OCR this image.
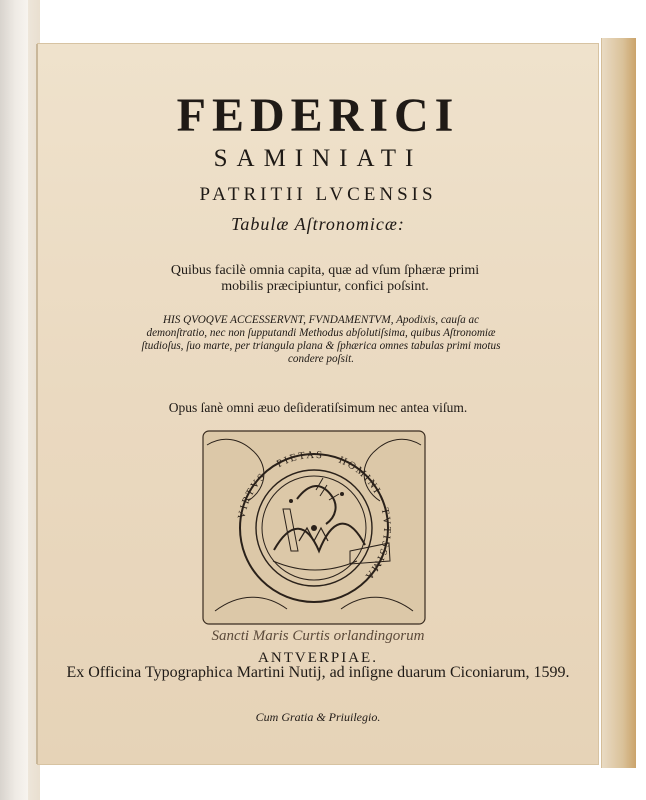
FEDERICI
SAMINIATI
PATRITII LVCENSIS
Tabulæ Aſtronomicæ:
Quibus facilè omnia capita, quæ ad vſum ſphæræ primi mobilis præcipiuntur, confici poſsint.
HIS QVOQVE ACCESSERVNT, FVNDAMENTVM, Apodixis, cauſa ac demonſtratio, nec non ſupputandi Methodus abſolutiſsima, quibus Aſtronomiæ ſtudioſus, ſuo marte, per triangula plana & ſphærica omnes tabulas primi motus condere poſsit.
Opus ſanè omni æuo deſideratiſsimum nec antea viſum.
VIRTVS · PIETAS · HOMINI · TVTISSIMA
Sancti Maris Curtis orlandingorum
ANTVERPIAE.
Ex Officina Typographica Martini Nutij, ad inſigne duarum Ciconiarum, 1599.
Cum Gratia & Priuilegio.
